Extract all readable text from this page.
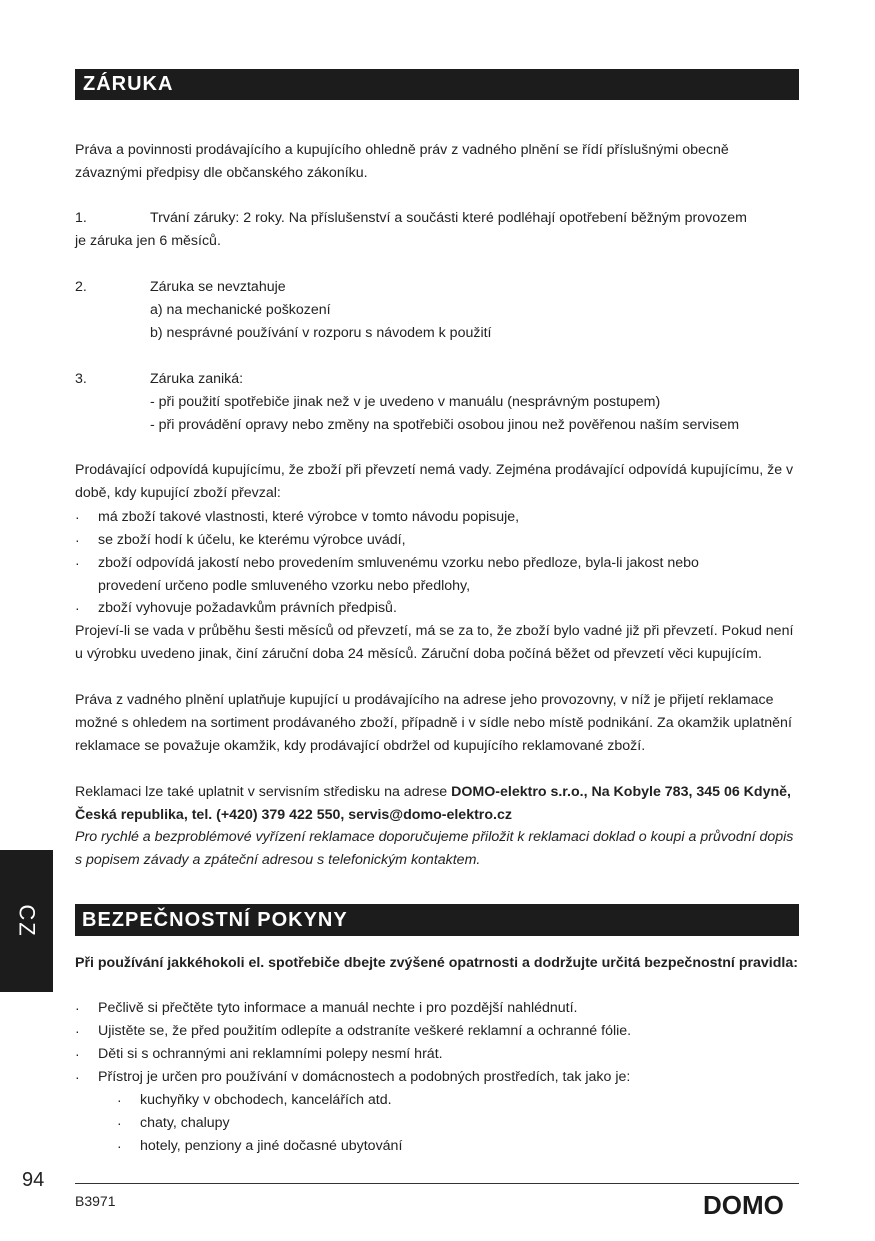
ZÁRUKA

Práva a povinnosti prodávajícího a kupujícího ohledně práv z vadného plnění se řídí příslušnými obecně závaznými předpisy dle občanského zákoníku.

1.	Trvání záruky: 2 roky. Na příslušenství a součásti které podléhají opotřebení běžným provozem
je záruka jen 6 měsíců.
2.	Záruka se nevztahuje
a) na mechanické poškození
b) nesprávné používání v rozporu s návodem k použití
3.	Záruka zaniká:
- při použití spotřebiče jinak než v je uvedeno v manuálu (nesprávným postupem)
- při provádění opravy nebo změny na spotřebiči osobou jinou než pověřenou naším servisem

Prodávající odpovídá kupujícímu, že zboží při převzetí nemá vady. Zejména prodávající odpovídá kupujícímu, že v době, kdy kupující zboží převzal:

· má zboží takové vlastnosti, které výrobce v tomto návodu popisuje,
· se zboží hodí k účelu, ke kterému výrobce uvádí,
· zboží odpovídá jakostí nebo provedením smluvenému vzorku nebo předloze, byla-li jakost nebo
provedení určeno podle smluveného vzorku nebo předlohy,
· zboží vyhovuje požadavkům právních předpisů.

Projeví-li se vada v průběhu šesti měsíců od převzetí, má se za to, že zboží bylo vadné již při převzetí. Pokud není u výrobku uvedeno jinak, činí záruční doba 24 měsíců. Záruční doba počíná běžet od převzetí věci kupujícím.

Práva z vadného plnění uplatňuje kupující u prodávajícího na adrese jeho provozovny, v níž je přijetí reklamace možné s ohledem na sortiment prodávaného zboží, případně i v sídle nebo místě podnikání. Za okamžik uplatnění reklamace se považuje okamžik, kdy prodávající obdržel od kupujícího reklamované zboží.

Reklamaci lze také uplatnit v servisním středisku na adrese DOMO-elektro s.r.o., Na Kobyle 783, 345 06 Kdyně, Česká republika, tel. (+420) 379 422 550, servis@domo-elektro.cz

Pro rychlé a bezproblémové vyřízení reklamace doporučujeme přiložit k reklamaci doklad o koupi a průvodní dopis s popisem závady a zpáteční adresou s telefonickým kontaktem.

CZ	BEZPEČNOSTNÍ POKYNY

Při používání jakkéhokoli el. spotřebiče dbejte zvýšené opatrnosti a dodržujte určitá bezpečnostní pravidla:

· Pečlivě si přečtěte tyto informace a manuál nechte i pro pozdější nahlédnutí.
· Ujistěte se, že před použitím odlepíte a odstraníte veškeré reklamní a ochranné fólie.
· Děti si s ochrannými ani reklamními polepy nesmí hrát.
· Přístroj je určen pro používání v domácnostech a podobných prostředích, tak jako je:
· kuchyňky v obchodech, kancelářích atd.
· chaty, chalupy
· hotely, penziony a jiné dočasné ubytování
94
B3971	DOMO
